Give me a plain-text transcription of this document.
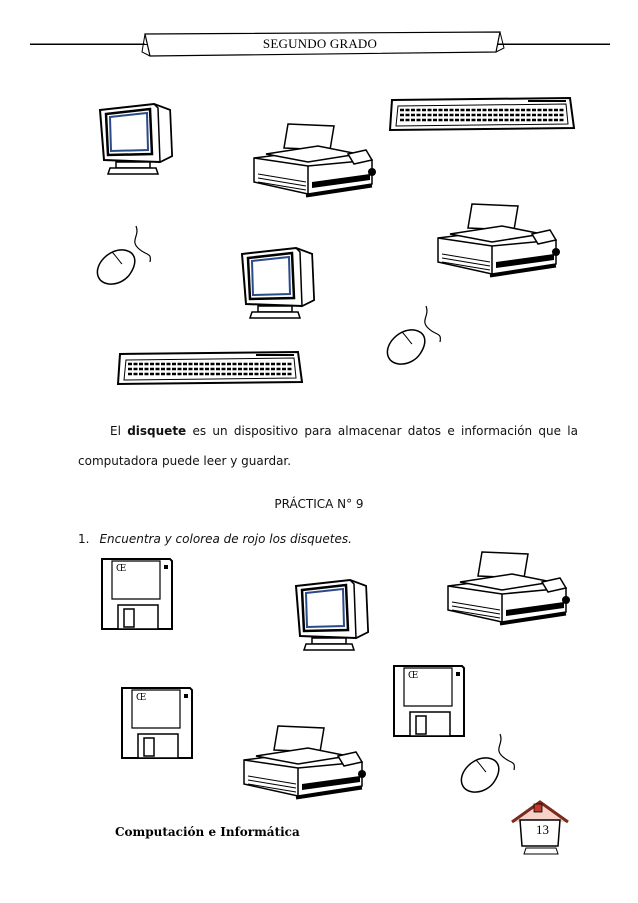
SEGUNDO GRADO
El disquete es un dispositivo para almacenar datos e información que la computadora puede leer y guardar.
PRÁCTICA N° 9
1. Encuentra y colorea de rojo los disquetes.
Œ
Œ
Œ
Computación e Informática	13
